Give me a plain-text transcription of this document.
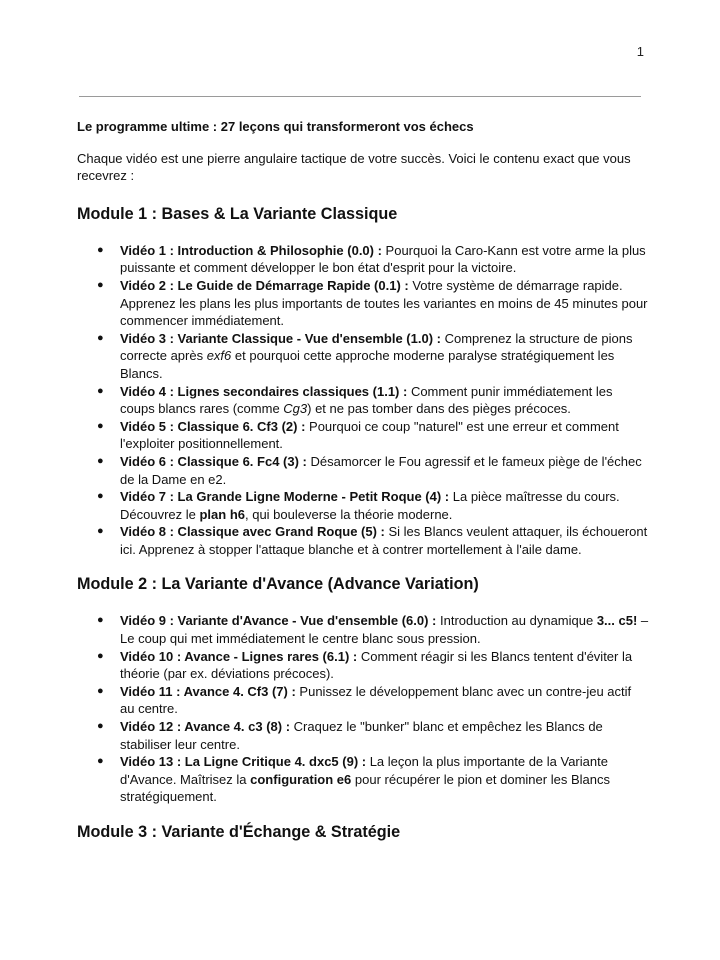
1

Le programme ultime : 27 leçons qui transformeront vos échecs

Chaque vidéo est une pierre angulaire tactique de votre succès. Voici le contenu exact que vous recevrez :

Module 1 : Bases & La Variante Classique
● Vidéo 1 : Introduction & Philosophie (0.0) : Pourquoi la Caro-Kann est votre arme la plus puissante et comment développer le bon état d'esprit pour la victoire.
● Vidéo 2 : Le Guide de Démarrage Rapide (0.1) : Votre système de démarrage rapide. Apprenez les plans les plus importants de toutes les variantes en moins de 45 minutes pour commencer immédiatement.
● Vidéo 3 : Variante Classique - Vue d'ensemble (1.0) : Comprenez la structure de pions correcte après exf6 et pourquoi cette approche moderne paralyse stratégiquement les Blancs.
● Vidéo 4 : Lignes secondaires classiques (1.1) : Comment punir immédiatement les coups blancs rares (comme Cg3) et ne pas tomber dans des pièges précoces.
● Vidéo 5 : Classique 6. Cf3 (2) : Pourquoi ce coup "naturel" est une erreur et comment l'exploiter positionnellement.
● Vidéo 6 : Classique 6. Fc4 (3) : Désamorcer le Fou agressif et le fameux piège de l'échec de la Dame en e2.
● Vidéo 7 : La Grande Ligne Moderne - Petit Roque (4) : La pièce maîtresse du cours. Découvrez le plan h6, qui bouleverse la théorie moderne.
● Vidéo 8 : Classique avec Grand Roque (5) : Si les Blancs veulent attaquer, ils échoueront ici. Apprenez à stopper l'attaque blanche et à contrer mortellement à l'aile dame.
Module 2 : La Variante d'Avance (Advance Variation)
● Vidéo 9 : Variante d'Avance - Vue d'ensemble (6.0) : Introduction au dynamique 3... c5! – Le coup qui met immédiatement le centre blanc sous pression.
● Vidéo 10 : Avance - Lignes rares (6.1) : Comment réagir si les Blancs tentent d'éviter la théorie (par ex. déviations précoces).
● Vidéo 11 : Avance 4. Cf3 (7) : Punissez le développement blanc avec un contre-jeu actif au centre.
● Vidéo 12 : Avance 4. c3 (8) : Craquez le "bunker" blanc et empêchez les Blancs de stabiliser leur centre.
● Vidéo 13 : La Ligne Critique 4. dxc5 (9) : La leçon la plus importante de la Variante d'Avance. Maîtrisez la configuration e6 pour récupérer le pion et dominer les Blancs stratégiquement.
Module 3 : Variante d'Échange & Stratégie
